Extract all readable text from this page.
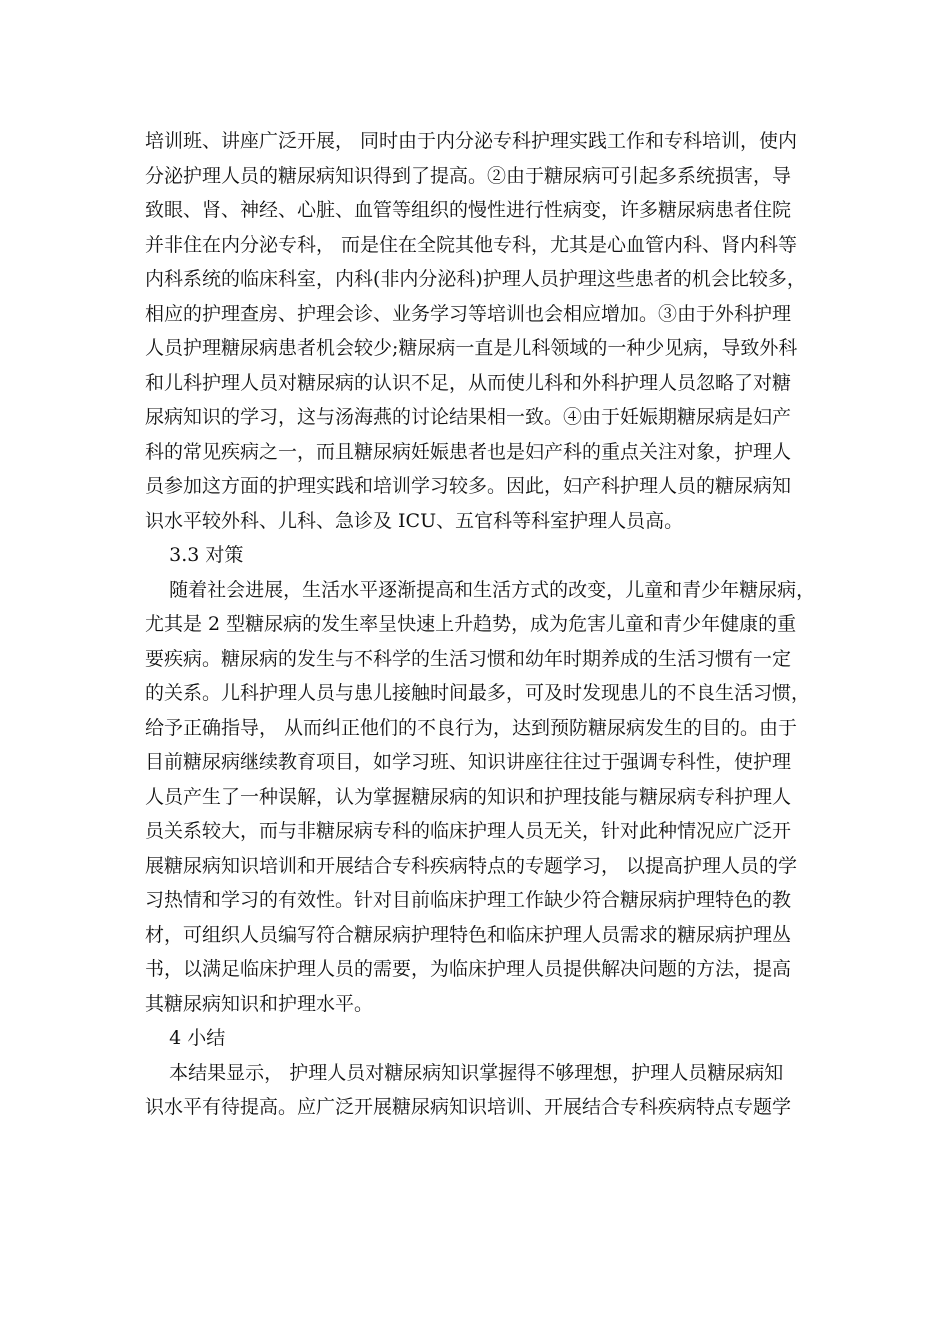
培训班、讲座广泛开展， 同时由于内分泌专科护理实践工作和专科培训，使内
分泌护理人员的糖尿病知识得到了提高。②由于糖尿病可引起多系统损害，导
致眼、肾、神经、心脏、血管等组织的慢性进行性病变，许多糖尿病患者住院
并非住在内分泌专科， 而是住在全院其他专科，尤其是心血管内科、肾内科等
内科系统的临床科室，内科(非内分泌科)护理人员护理这些患者的机会比较多，
相应的护理查房、护理会诊、业务学习等培训也会相应增加。③由于外科护理
人员护理糖尿病患者机会较少;糖尿病一直是儿科领域的一种少见病，导致外科
和儿科护理人员对糖尿病的认识不足，从而使儿科和外科护理人员忽略了对糖
尿病知识的学习，这与汤海燕的讨论结果相一致。④由于妊娠期糖尿病是妇产
科的常见疾病之一，而且糖尿病妊娠患者也是妇产科的重点关注对象，护理人
员参加这方面的护理实践和培训学习较多。因此，妇产科护理人员的糖尿病知
识水平较外科、儿科、急诊及 ICU、五官科等科室护理人员高。
3.3 对策
随着社会进展，生活水平逐渐提高和生活方式的改变，儿童和青少年糖尿病，
尤其是 2 型糖尿病的发生率呈快速上升趋势，成为危害儿童和青少年健康的重
要疾病。糖尿病的发生与不科学的生活习惯和幼年时期养成的生活习惯有一定
的关系。儿科护理人员与患儿接触时间最多，可及时发现患儿的不良生活习惯，
给予正确指导， 从而纠正他们的不良行为，达到预防糖尿病发生的目的。由于
目前糖尿病继续教育项目，如学习班、知识讲座往往过于强调专科性，使护理
人员产生了一种误解，认为掌握糖尿病的知识和护理技能与糖尿病专科护理人
员关系较大，而与非糖尿病专科的临床护理人员无关，针对此种情况应广泛开
展糖尿病知识培训和开展结合专科疾病特点的专题学习， 以提高护理人员的学
习热情和学习的有效性。针对目前临床护理工作缺少符合糖尿病护理特色的教
材，可组织人员编写符合糖尿病护理特色和临床护理人员需求的糖尿病护理丛
书，以满足临床护理人员的需要，为临床护理人员提供解决问题的方法，提高
其糖尿病知识和护理水平。
4 小结
本结果显示， 护理人员对糖尿病知识掌握得不够理想，护理人员糖尿病知
识水平有待提高。应广泛开展糖尿病知识培训、开展结合专科疾病特点专题学
